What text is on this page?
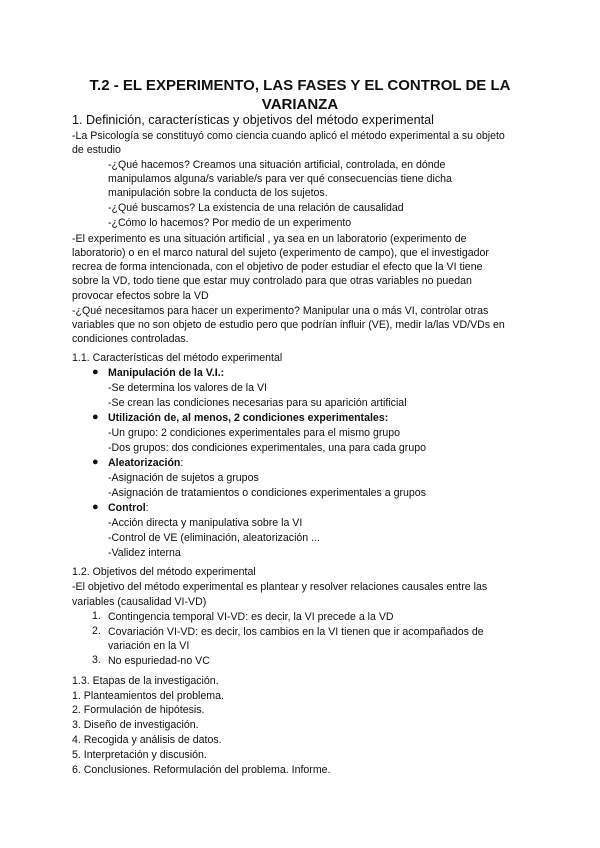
T.2 - EL EXPERIMENTO, LAS FASES Y EL CONTROL DE LA
VARIANZA
1. Definición, características y objetivos del método experimental
-La Psicología se constituyó como ciencia cuando aplicó el método experimental a su objeto
de estudio
-¿Qué hacemos? Creamos una situación artificial, controlada, en dónde
manipulamos alguna/s variable/s para ver qué consecuencias tiene dicha
manipulación sobre la conducta de los sujetos.
-¿Qué buscamos? La existencia de una relación de causalidad
-¿Cómo lo hacemos? Por medio de un experimento
-El experimento es una situación artificial , ya sea en un laboratorio (experimento de
laboratorio) o en el marco natural del sujeto (experimento de campo), que el investigador
recrea de forma intencionada, con el objetivo de poder estudiar el efecto que la VI tiene
sobre la VD, todo tiene que estar muy controlado para que otras variables no puedan
provocar efectos sobre la VD
-¿Qué necesitamos para hacer un experimento? Manipular una o más VI, controlar otras
variables que no son objeto de estudio pero que podrían influir (VE), medir la/las VD/VDs en
condiciones controladas.
1.1. Características del método experimental
● Manipulación de la V.I.:
-Se determina los valores de la VI
-Se crean las condiciones necesarias para su aparición artificial
● Utilización de, al menos, 2 condiciones experimentales:
-Un grupo: 2 condiciones experimentales para el mismo grupo
-Dos grupos: dos condiciones experimentales, una para cada grupo
● Aleatorización:
-Asignación de sujetos a grupos
-Asignación de tratamientos o condiciones experimentales a grupos
● Control:
-Acción directa y manipulativa sobre la VI
-Control de VE (eliminación, aleatorización ...
-Validez interna
1.2. Objetivos del método experimental
-El objetivo del método experimental es plantear y resolver relaciones causales entre las
variables (causalidad VI-VD)
1. Contingencia temporal VI-VD: es decir, la VI precede a la VD
2. Covariación VI-VD: es decir, los cambios en la VI tienen que ir acompañados de
variación en la VI
3. No espuriedad-no VC
1.3. Etapas de la investigación.
1. Planteamientos del problema.
2. Formulación de hipótesis.
3. Diseño de investigación.
4. Recogida y análisis de datos.
5. Interpretación y discusión.
6. Conclusiones. Reformulación del problema. Informe.
